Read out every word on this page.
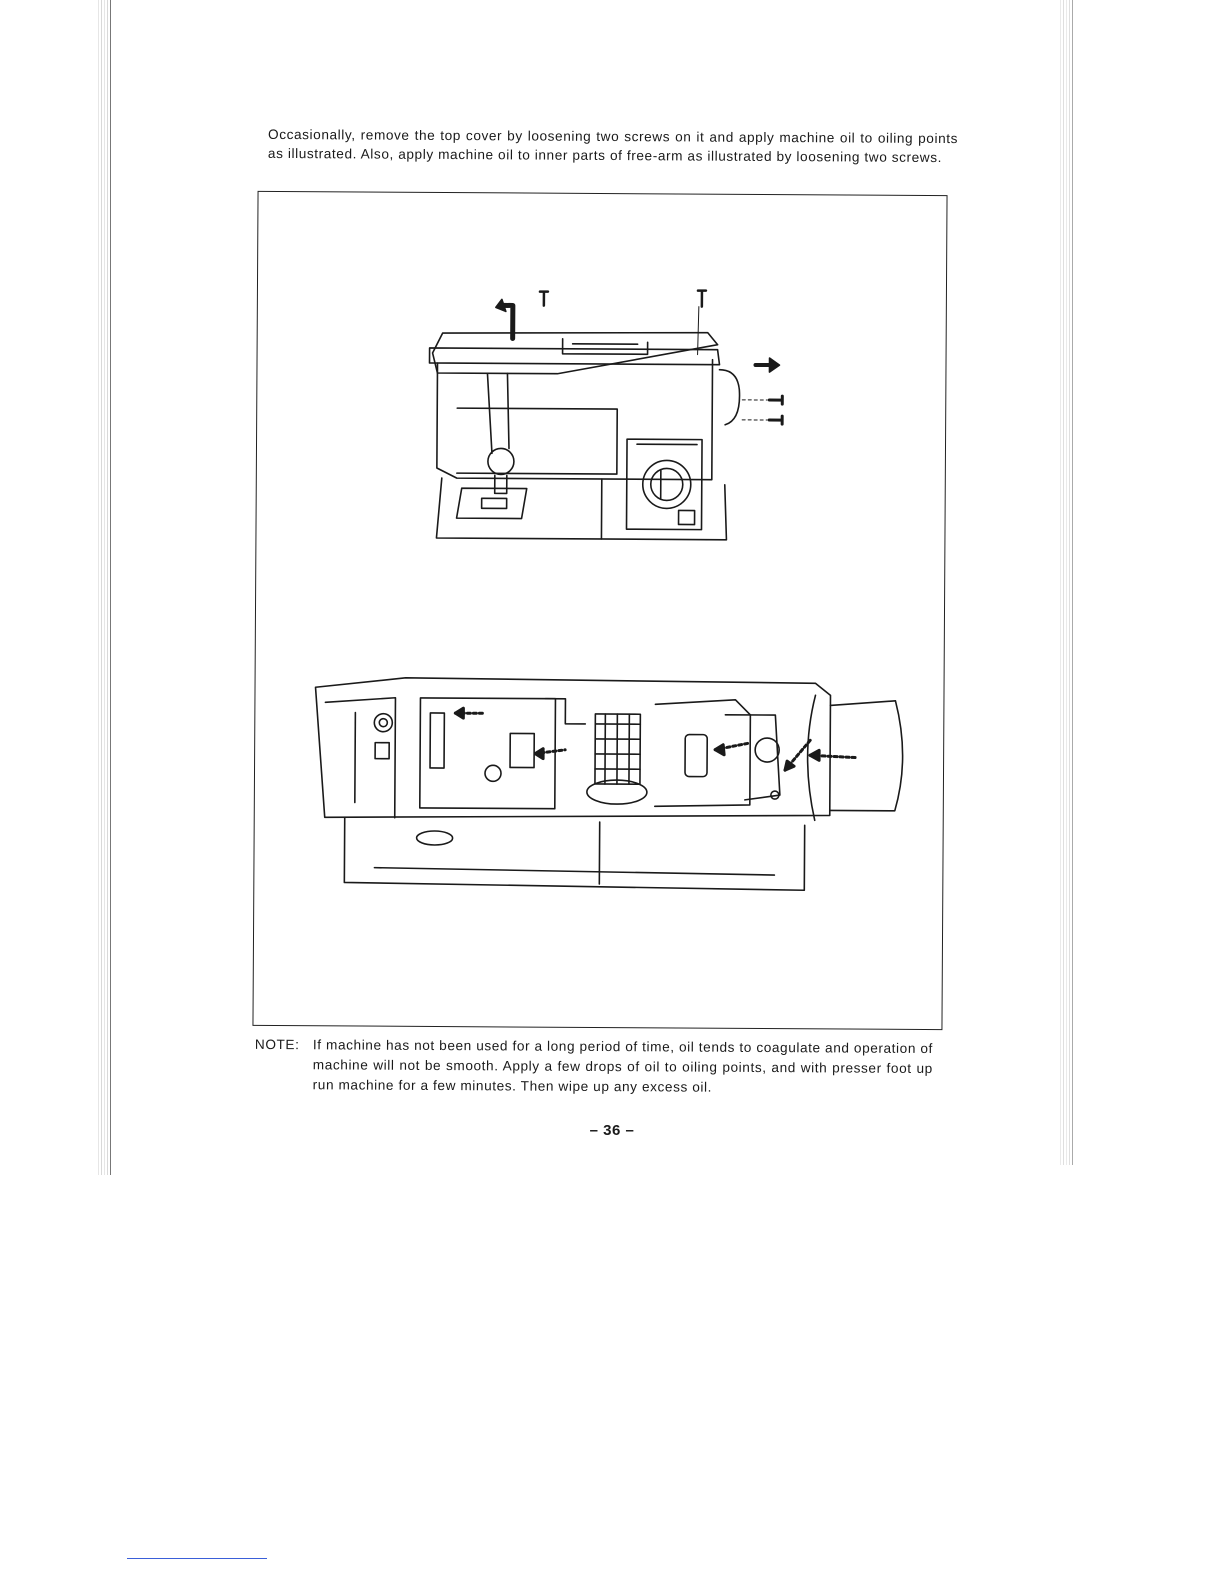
Occasionally, remove the top cover by loosening two screws on it and apply machine oil to oiling points as illustrated. Also, apply machine oil to inner parts of free-arm as illustrated by loosening two screws.

NOTE: If machine has not been used for a long period of time, oil tends to coagulate and operation of machine will not be smooth. Apply a few drops of oil to oiling points, and with presser foot up run machine for a few minutes. Then wipe up any excess oil.
– 36 –
